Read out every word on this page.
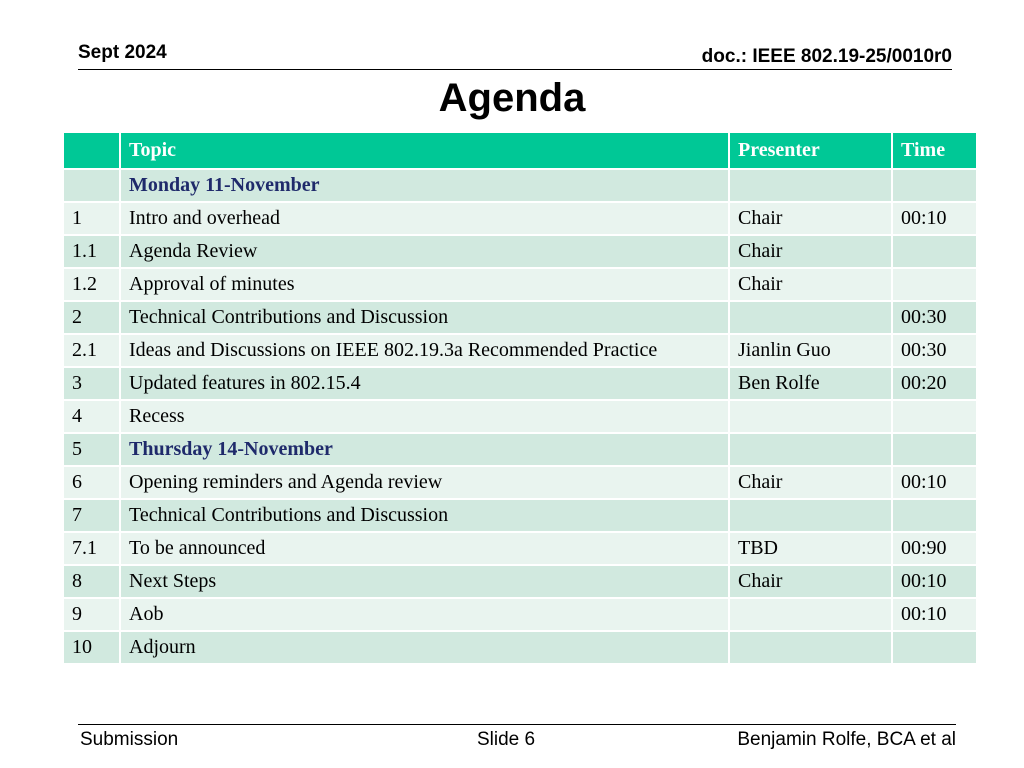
Sept 2024	doc.: IEEE 802.19-25/0010r0
Agenda
	Topic	Presenter	Time
	Monday 11-November		
1	Intro and overhead	Chair	00:10
1.1	Agenda Review	Chair	
1.2	Approval of minutes	Chair	
2	Technical Contributions and Discussion		00:30
2.1	Ideas and Discussions on IEEE 802.19.3a Recommended Practice	Jianlin Guo	00:30
3	Updated features in 802.15.4	Ben Rolfe	00:20
4	Recess		
5	Thursday 14-November		
6	Opening reminders and Agenda review	Chair	00:10
7	Technical Contributions and Discussion		
7.1	To be announced	TBD	00:90
8	Next Steps	Chair	00:10
9	Aob		00:10
10	Adjourn		
Submission	Slide 6	Benjamin Rolfe, BCA et al
